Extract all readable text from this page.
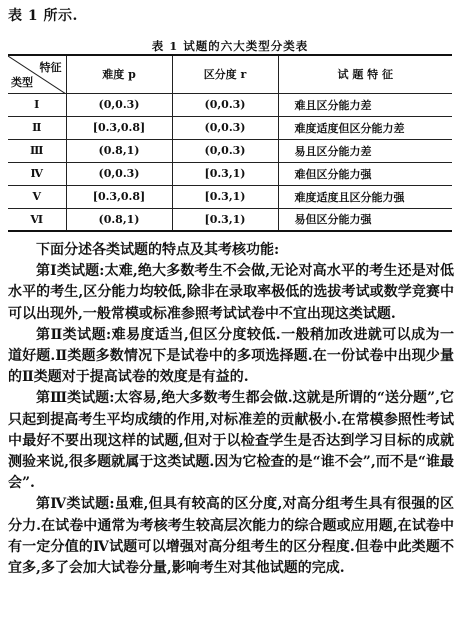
表 1 所示.
表 1 试题的六大类型分类表
特征
类型	难度 p	区分度 r	试 题 特 征
Ⅰ	(0,0.3)	(0,0.3)	难且区分能力差
Ⅱ	[0.3,0.8]	(0,0.3)	难度适度但区分能力差
Ⅲ	(0.8,1)	(0,0.3)	易且区分能力差
Ⅳ	(0,0.3)	[0.3,1)	难但区分能力强
Ⅴ	[0.3,0.8]	[0.3,1)	难度适度且区分能力强
Ⅵ	(0.8,1)	[0.3,1)	易但区分能力强

下面分述各类试题的特点及其考核功能:

第Ⅰ类试题:太难,绝大多数考生不会做,无论对高水平的考生还是对低水平的考生,区分能力均较低,除非在录取率极低的选拔考试或数学竞赛中可以出现外,一般常模或标准参照考试试卷中不宜出现这类试题.

第Ⅱ类试题:难易度适当,但区分度较低.一般稍加改进就可以成为一道好题.Ⅱ类题多数情况下是试卷中的多项选择题.在一份试卷中出现少量的Ⅱ类题对于提高试卷的效度是有益的.

第Ⅲ类试题:太容易,绝大多数考生都会做.这就是所谓的“送分题”,它只起到提高考生平均成绩的作用,对标准差的贡献极小.在常模参照性考试中最好不要出现这样的试题,但对于以检查学生是否达到学习目标的成就测验来说,很多题就属于这类试题.因为它检查的是“谁不会”,而不是“谁最会”.

第Ⅳ类试题:虽难,但具有较高的区分度,对高分组考生具有很强的区分力.在试卷中通常为考核考生较高层次能力的综合题或应用题,在试卷中有一定分值的Ⅳ试题可以增强对高分组考生的区分程度.但卷中此类题不宜多,多了会加大试卷分量,影响考生对其他试题的完成.
